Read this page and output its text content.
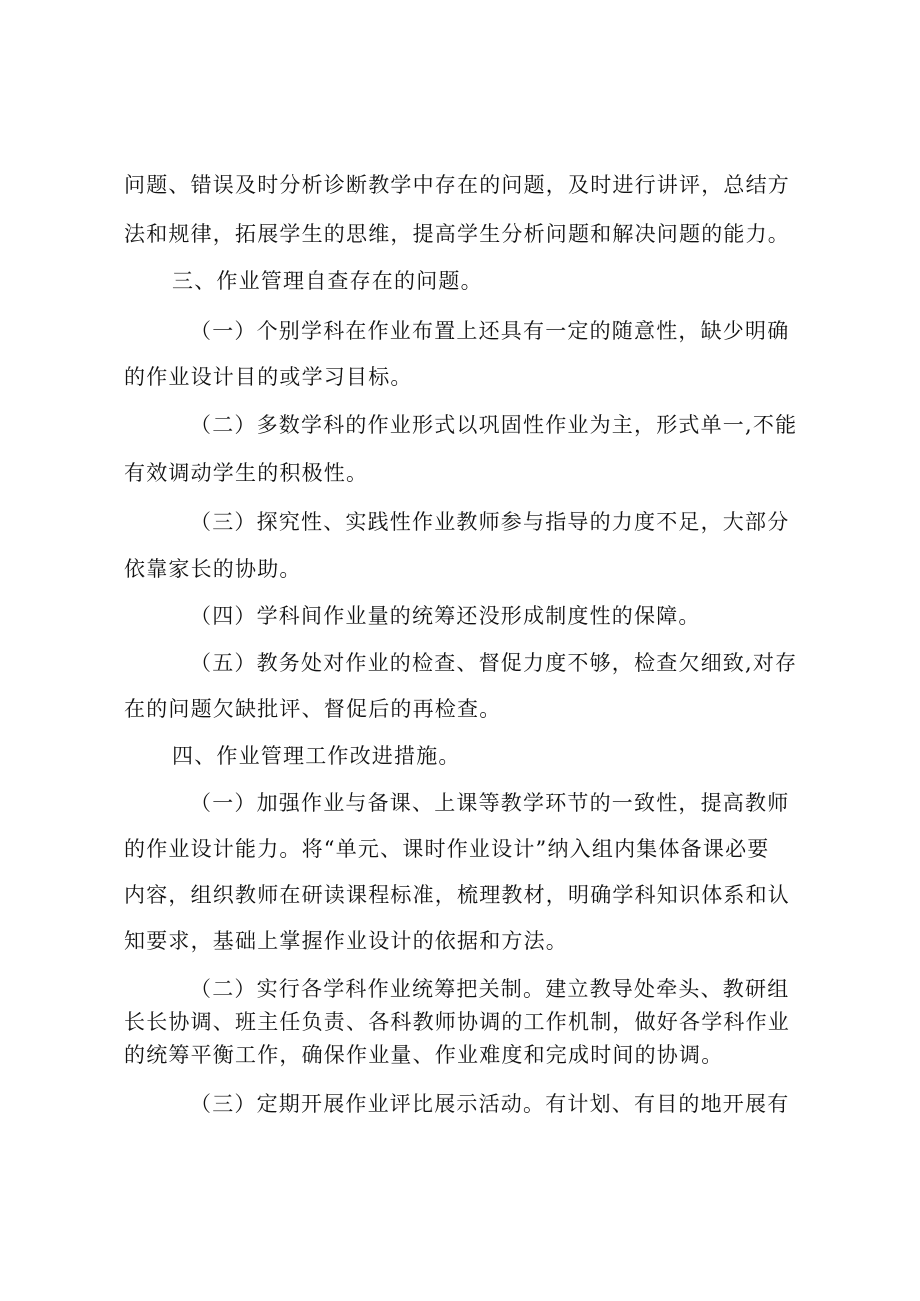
问题、错误及时分析诊断教学中存在的问题，及时进行讲评，总结方
法和规律，拓展学生的思维，提高学生分析问题和解决问题的能力。
三、作业管理自查存在的问题。
（一）个别学科在作业布置上还具有一定的随意性，缺少明确
的作业设计目的或学习目标。
（二）多数学科的作业形式以巩固性作业为主，形式单一,不能
有效调动学生的积极性。
（三）探究性、实践性作业教师参与指导的力度不足，大部分
依靠家长的协助。
（四）学科间作业量的统筹还没形成制度性的保障。
（五）教务处对作业的检查、督促力度不够，检查欠细致,对存
在的问题欠缺批评、督促后的再检查。
四、作业管理工作改进措施。
（一）加强作业与备课、上课等教学环节的一致性，提高教师
的作业设计能力。将“单元、课时作业设计”纳入组内集体备课必要
内容，组织教师在研读课程标准，梳理教材，明确学科知识体系和认
知要求，基础上掌握作业设计的依据和方法。
（二）实行各学科作业统筹把关制。建立教导处牵头、教研组
长长协调、班主任负责、各科教师协调的工作机制，做好各学科作业
的统筹平衡工作，确保作业量、作业难度和完成时间的协调。
（三）定期开展作业评比展示活动。有计划、有目的地开展有
